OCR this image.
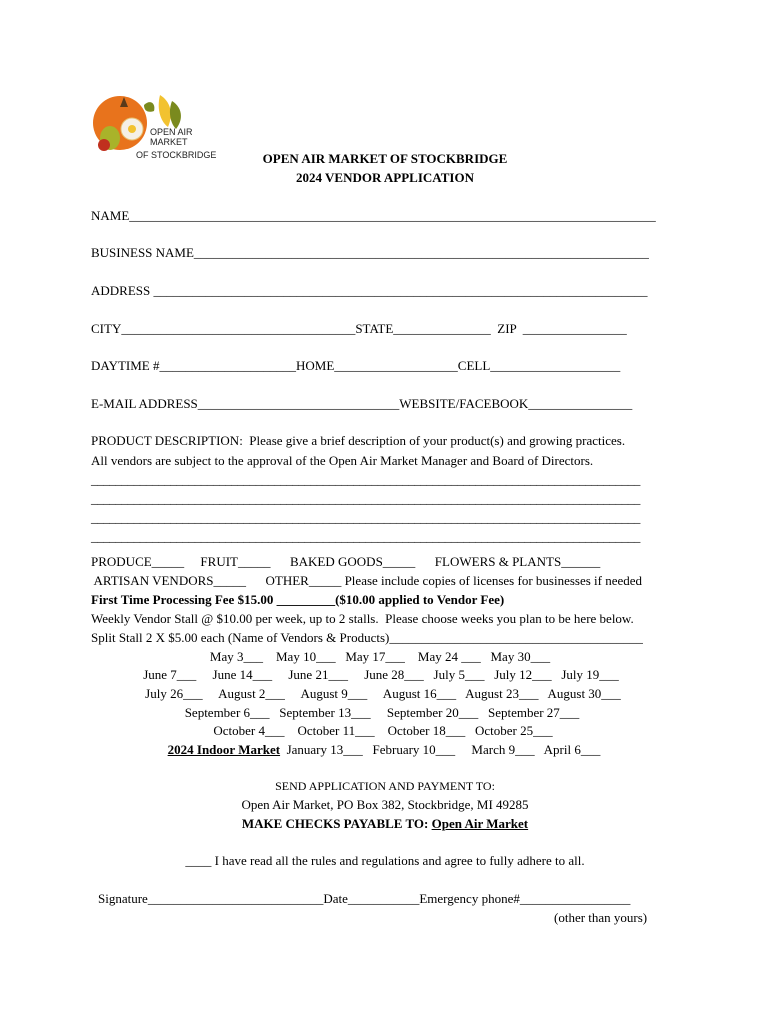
OPEN AIR
MARKET
OF STOCKBRIDGE	OPEN AIR MARKET OF STOCKBRIDGE
2024 VENDOR APPLICATION
NAME_________________________________________________________________________________
BUSINESS NAME______________________________________________________________________
ADDRESS ____________________________________________________________________________
CITY____________________________________STATE_______________  ZIP  ________________
DAYTIME #_____________________HOME___________________CELL____________________
E-MAIL ADDRESS_______________________________WEBSITE/FACEBOOK________________
PRODUCT DESCRIPTION:  Please give a brief description of your product(s) and growing practices.
All vendors are subject to the approval of the Open Air Market Manager and Board of Directors.
__________________________________________________________________________________________
__________________________________________________________________________________________
__________________________________________________________________________________________
__________________________________________________________________________________________
PRODUCE_____     FRUIT_____      BAKED GOODS_____      FLOWERS & PLANTS______
ARTISAN VENDORS_____      OTHER_____ Please include copies of licenses for businesses if needed
First Time Processing Fee $15.00 _________($10.00 applied to Vendor Fee)
Weekly Vendor Stall @ $10.00 per week, up to 2 stalls.  Please choose weeks you plan to be here below.
Split Stall 2 X $5.00 each (Name of Vendors & Products)_______________________________________
May 3___    May 10___   May 17___    May 24 ___   May 30___
June 7___     June 14___     June 21___     June 28___   July 5___   July 12___   July 19___
July 26___     August 2___     August 9___     August 16___   August 23___   August 30___
September 6___   September 13___     September 20___   September 27___
October 4___    October 11___    October 18___   October 25___
2024 Indoor Market  January 13___   February 10___     March 9___   April 6___
SEND APPLICATION AND PAYMENT TO:
Open Air Market, PO Box 382, Stockbridge, MI 49285
MAKE CHECKS PAYABLE TO: Open Air Market
____ I have read all the rules and regulations and agree to fully adhere to all.
Signature___________________________Date___________Emergency phone#_________________
(other than yours)
